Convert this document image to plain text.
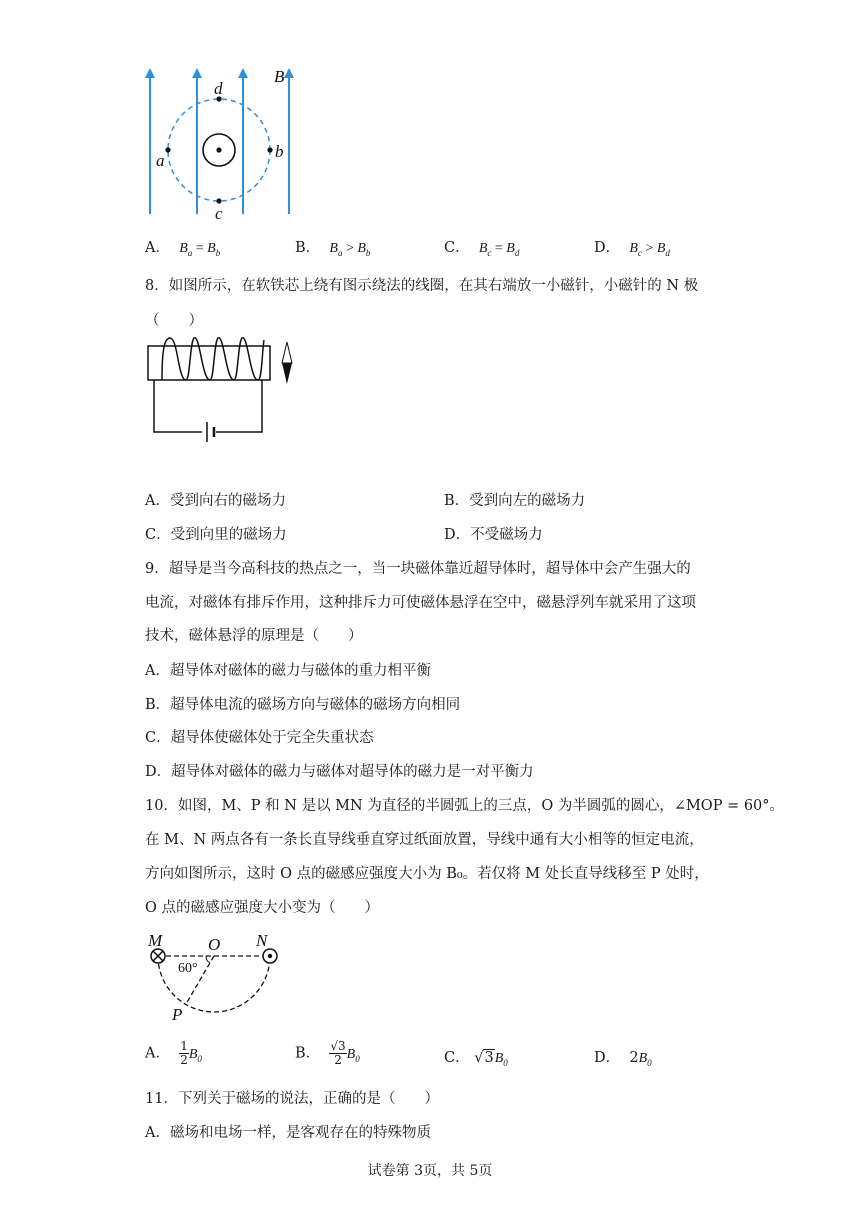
B
a	b
c
d
A． $B_a = B_b$	B． $B_a > B_b$	C． $B_c = B_d$	D． $B_c > B_d$
8．如图所示，在软铁芯上绕有图示绕法的线圈，在其右端放一小磁针，小磁针的 N 极
（　　）
A．受到向右的磁场力	B．受到向左的磁场力
C．受到向里的磁场力	D．不受磁场力
9．超导是当今高科技的热点之一，当一块磁体靠近超导体时，超导体中会产生强大的
电流，对磁体有排斥作用，这种排斥力可使磁体悬浮在空中，磁悬浮列车就采用了这项
技术，磁体悬浮的原理是（　　）
A．超导体对磁体的磁力与磁体的重力相平衡
B．超导体电流的磁场方向与磁体的磁场方向相同
C．超导体使磁体处于完全失重状态
D．超导体对磁体的磁力与磁体对超导体的磁力是一对平衡力
10．如图，M、P 和 N 是以 MN 为直径的半圆弧上的三点，O 为半圆弧的圆心，∠MOP = 60°。
在 M、N 两点各有一条长直导线垂直穿过纸面放置，导线中通有大小相等的恒定电流，
方向如图所示，这时 O 点的磁感应强度大小为 B₀。若仅将 M 处长直导线移至 P 处时，
O 点的磁感应强度大小变为（　　）
M	O N
P
60°
A． $\frac{1}{2} B_0$	B． $\frac{√3}{2} B_0$	C． $√3B_0$	D． $2B_0$
11．下列关于磁场的说法，正确的是（　　）
A．磁场和电场一样，是客观存在的特殊物质
试卷第 3页，共 5页
